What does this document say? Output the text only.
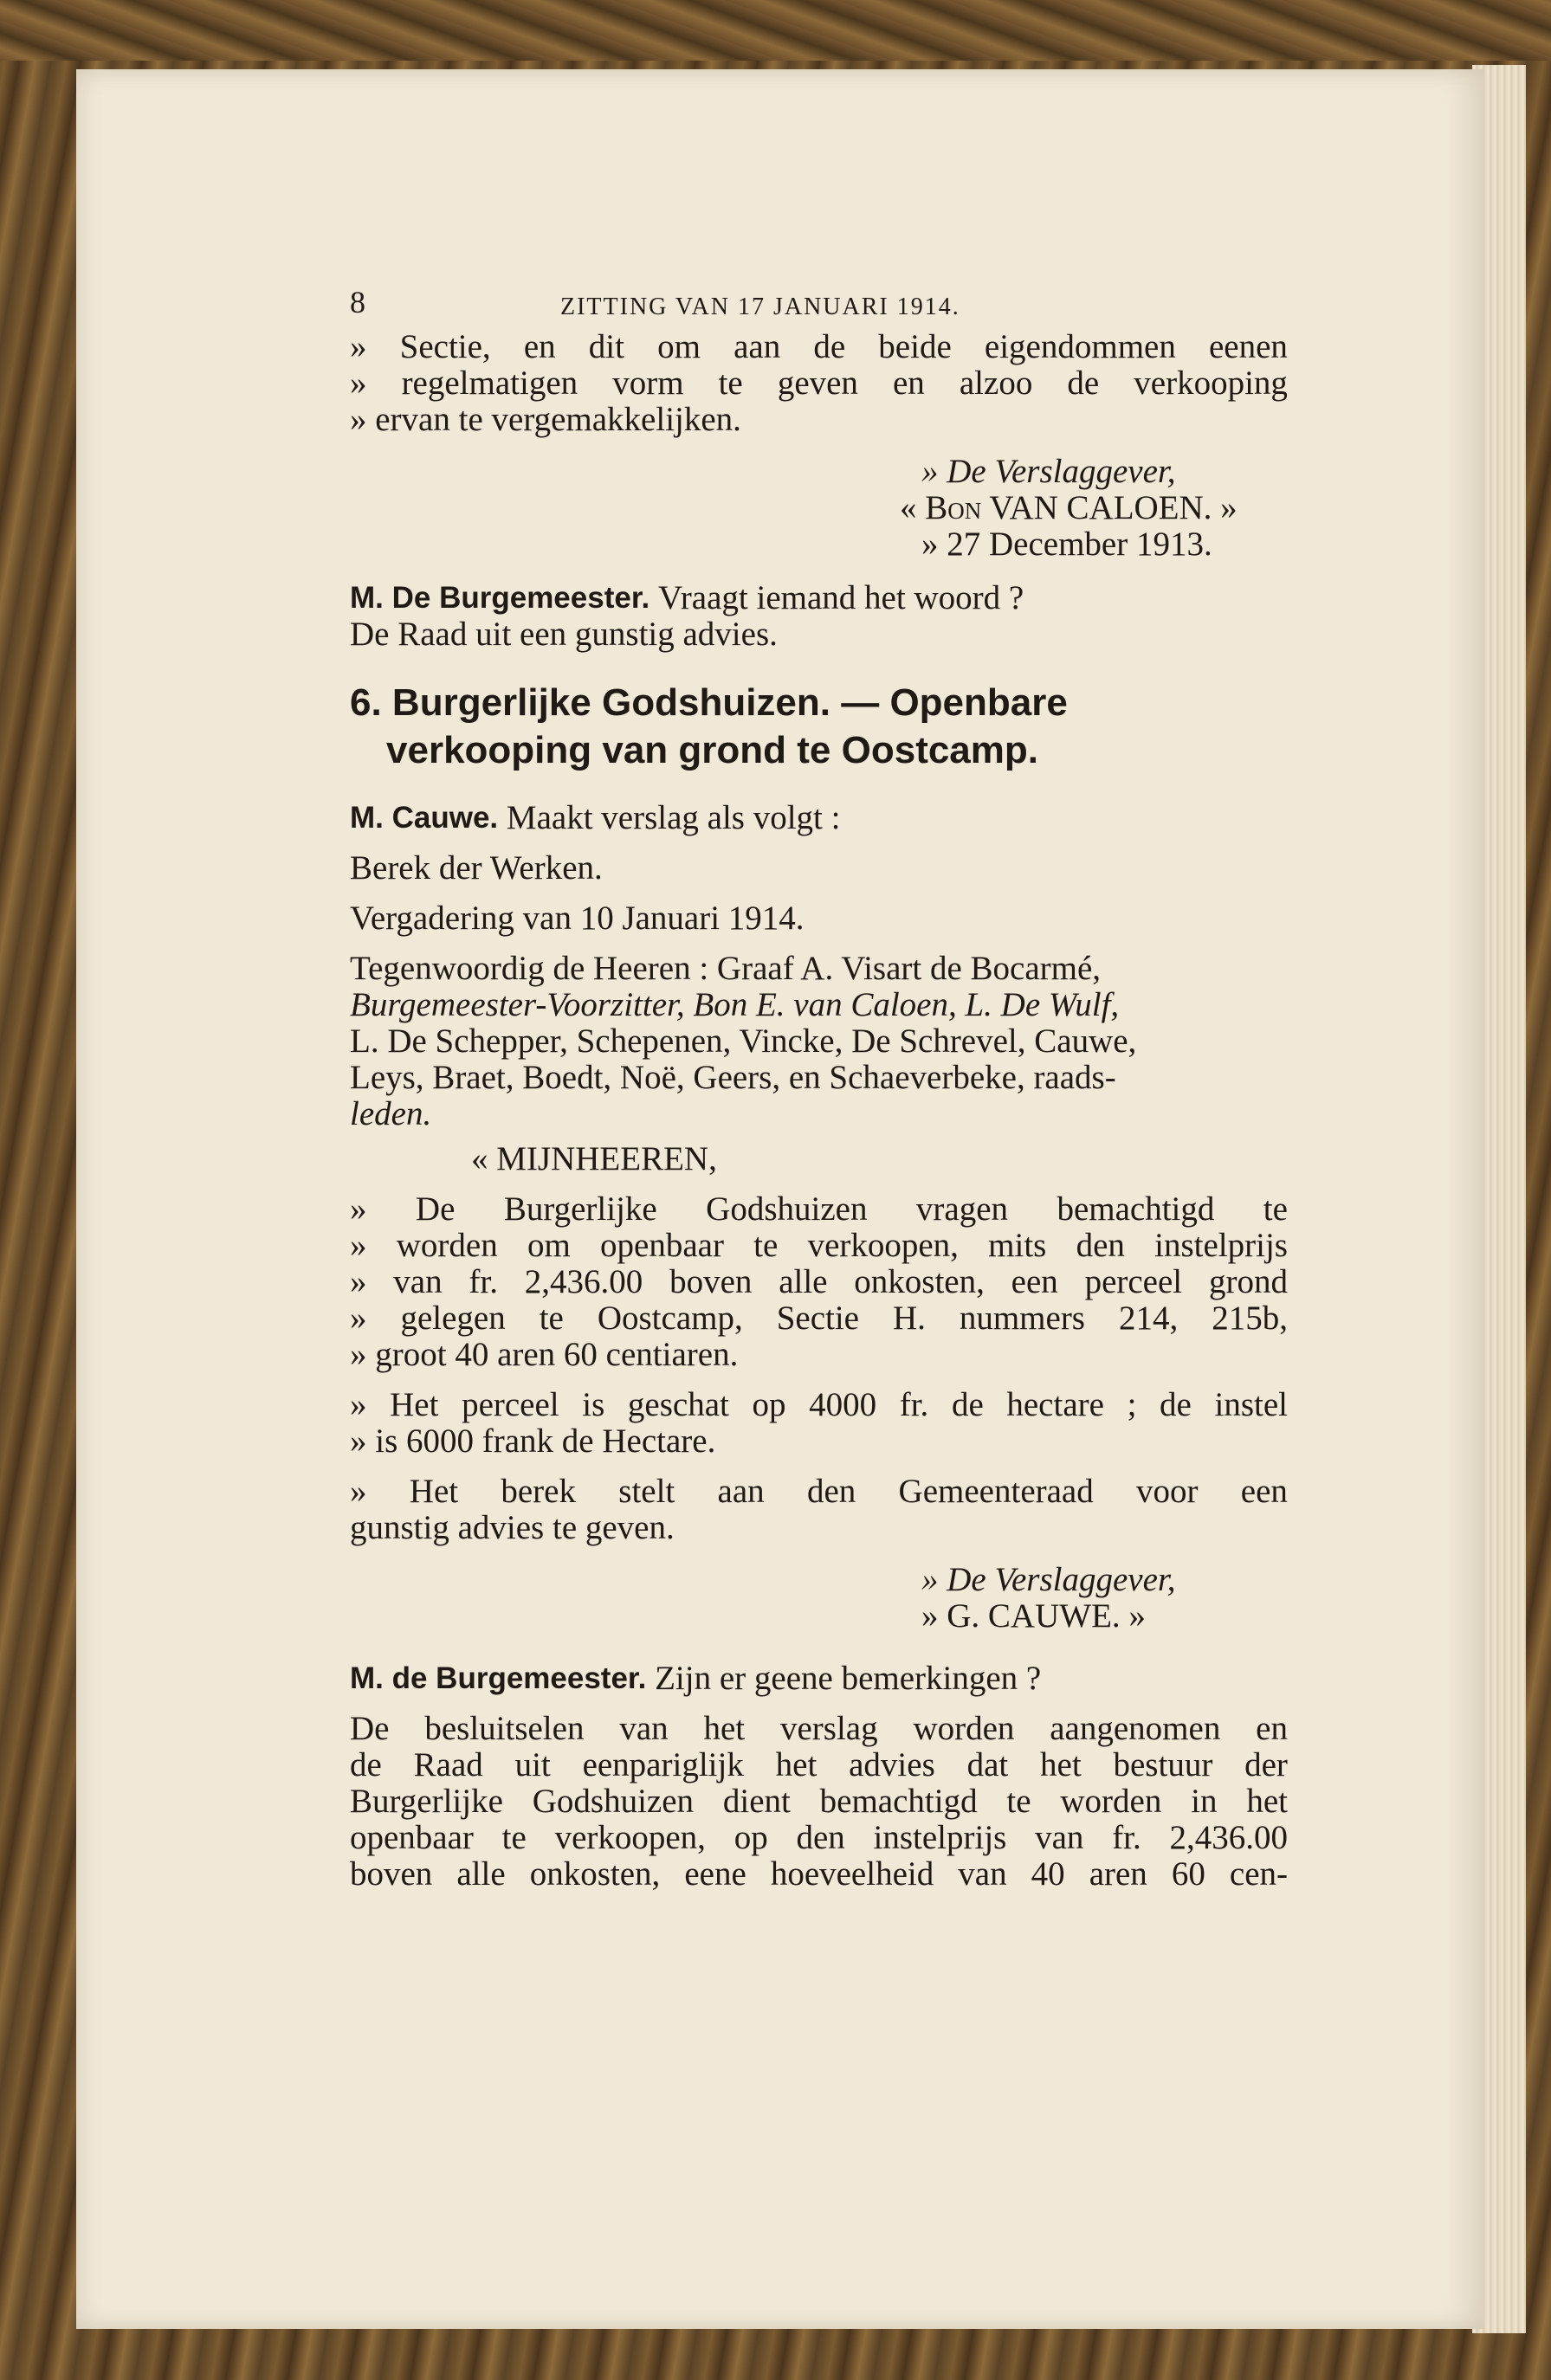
8	ZITTING VAN 17 JANUARI 1914.
» Sectie, en dit om aan de beide eigendommen eenen
» regelmatigen vorm te geven en alzoo de verkooping
» ervan te vergemakkelijken.
» De Verslaggever,
« Bon VAN CALOEN. »
» 27 December 1913.
M. De Burgemeester.
Vraagt iemand het woord ?
De Raad uit een gunstig advies.
6. Burgerlijke Godshuizen. — Openbare
verkooping van grond te Oostcamp.
M. Cauwe.
Maakt verslag als volgt :
Berek der Werken.
Vergadering van 10 Januari 1914.
Tegenwoordig de Heeren : Graaf A. Visart de Bocarmé,
Burgemeester-Voorzitter, Bon E. van Caloen, L. De Wulf,
L. De Schepper, Schepenen, Vincke, De Schrevel, Cauwe,
Leys, Braet, Boedt, Noë, Geers, en Schaeverbeke, raads-
leden.
« MIJNHEEREN,
» De Burgerlijke Godshuizen vragen bemachtigd te
» worden om openbaar te verkoopen, mits den instelprijs
» van fr. 2,436.00 boven alle onkosten, een perceel grond
» gelegen te Oostcamp, Sectie H. nummers 214, 215b,
» groot 40 aren 60 centiaren.
» Het perceel is geschat op 4000 fr. de hectare ; de instel
» is 6000 frank de Hectare.
» Het berek stelt aan den Gemeenteraad voor een
gunstig advies te geven.
» De Verslaggever,
» G. CAUWE. »
M. de Burgemeester.
Zijn er geene bemerkingen ?
De besluitselen van het verslag worden aangenomen en
de Raad uit eenpariglijk het advies dat het bestuur der
Burgerlijke Godshuizen dient bemachtigd te worden in het
openbaar te verkoopen, op den instelprijs van fr. 2,436.00
boven alle onkosten, eene hoeveelheid van 40 aren 60 cen-
